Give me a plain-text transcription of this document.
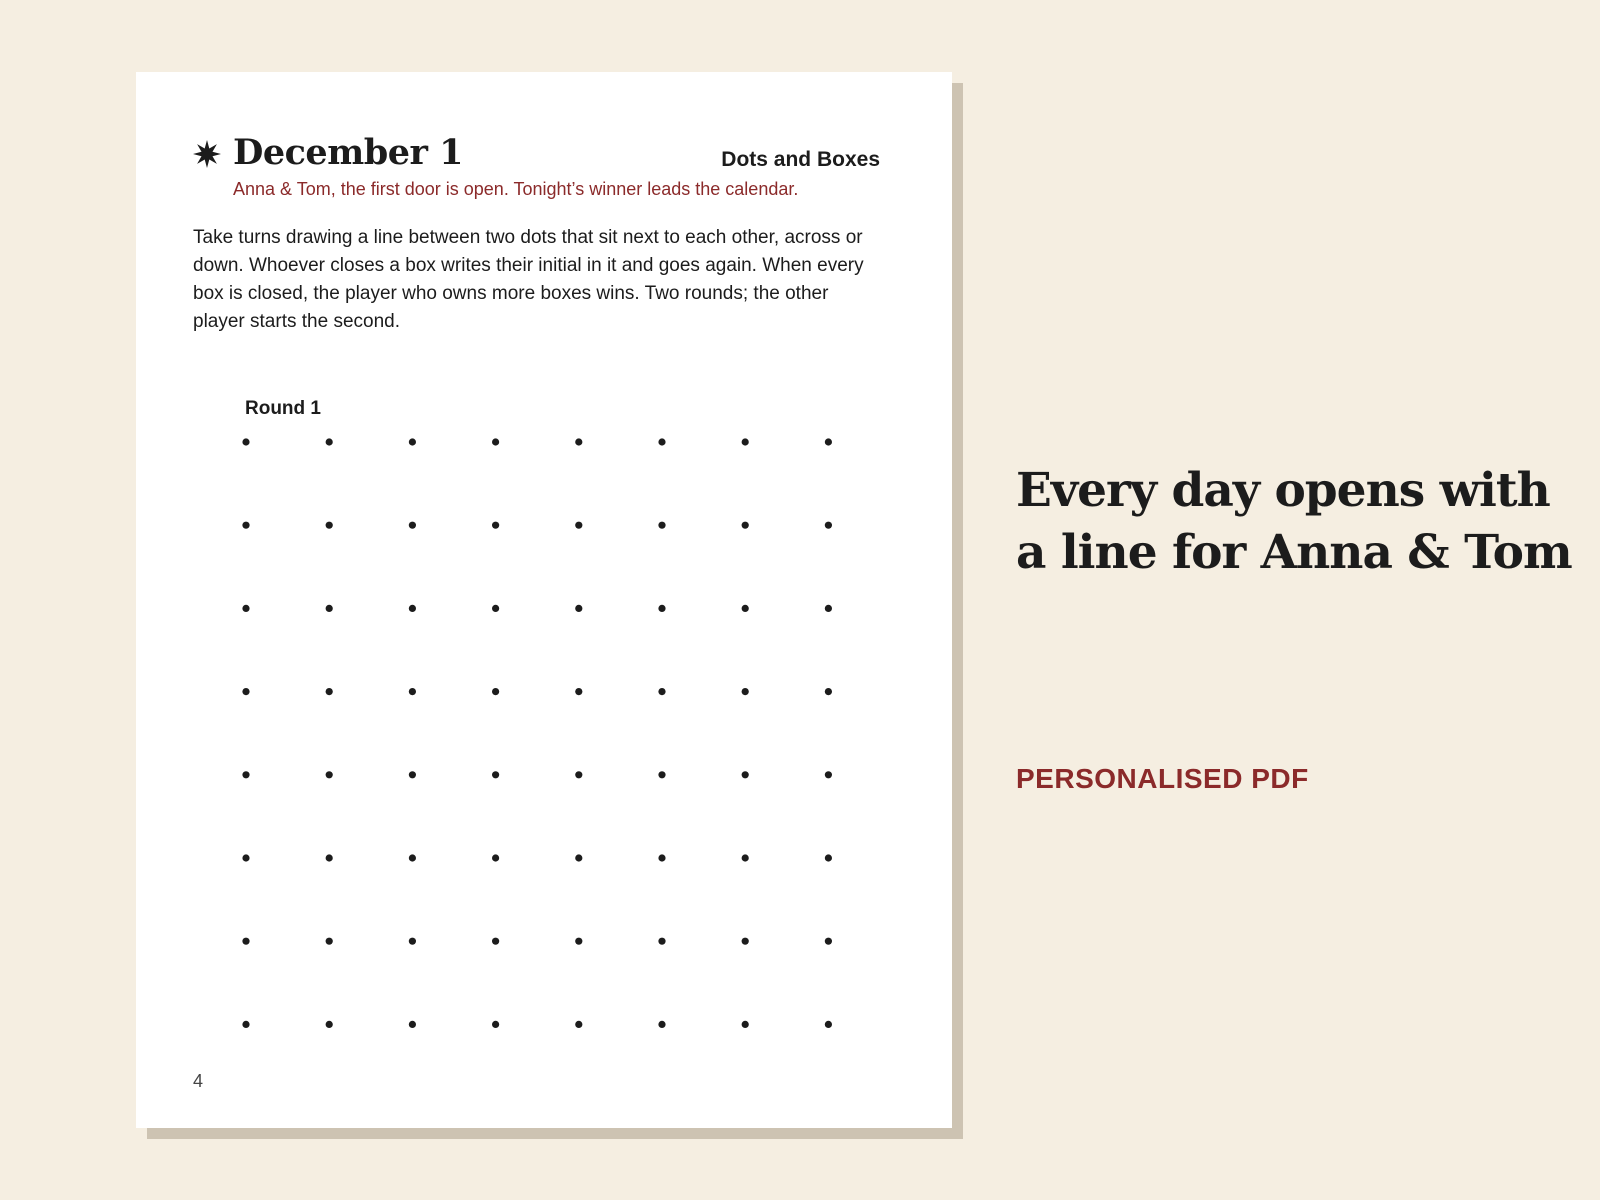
December 1	Dots and Boxes
Anna & Tom, the first door is open. Tonight’s winner leads the calendar.

Take turns drawing a line between two dots that sit next to each other, across or down. Whoever closes a box writes their initial in it and goes again. When every box is closed, the player who owns more boxes wins. Two rounds; the other player starts the second.

Round 1
4

Every day opens with a line for Anna & Tom

PERSONALISED PDF
